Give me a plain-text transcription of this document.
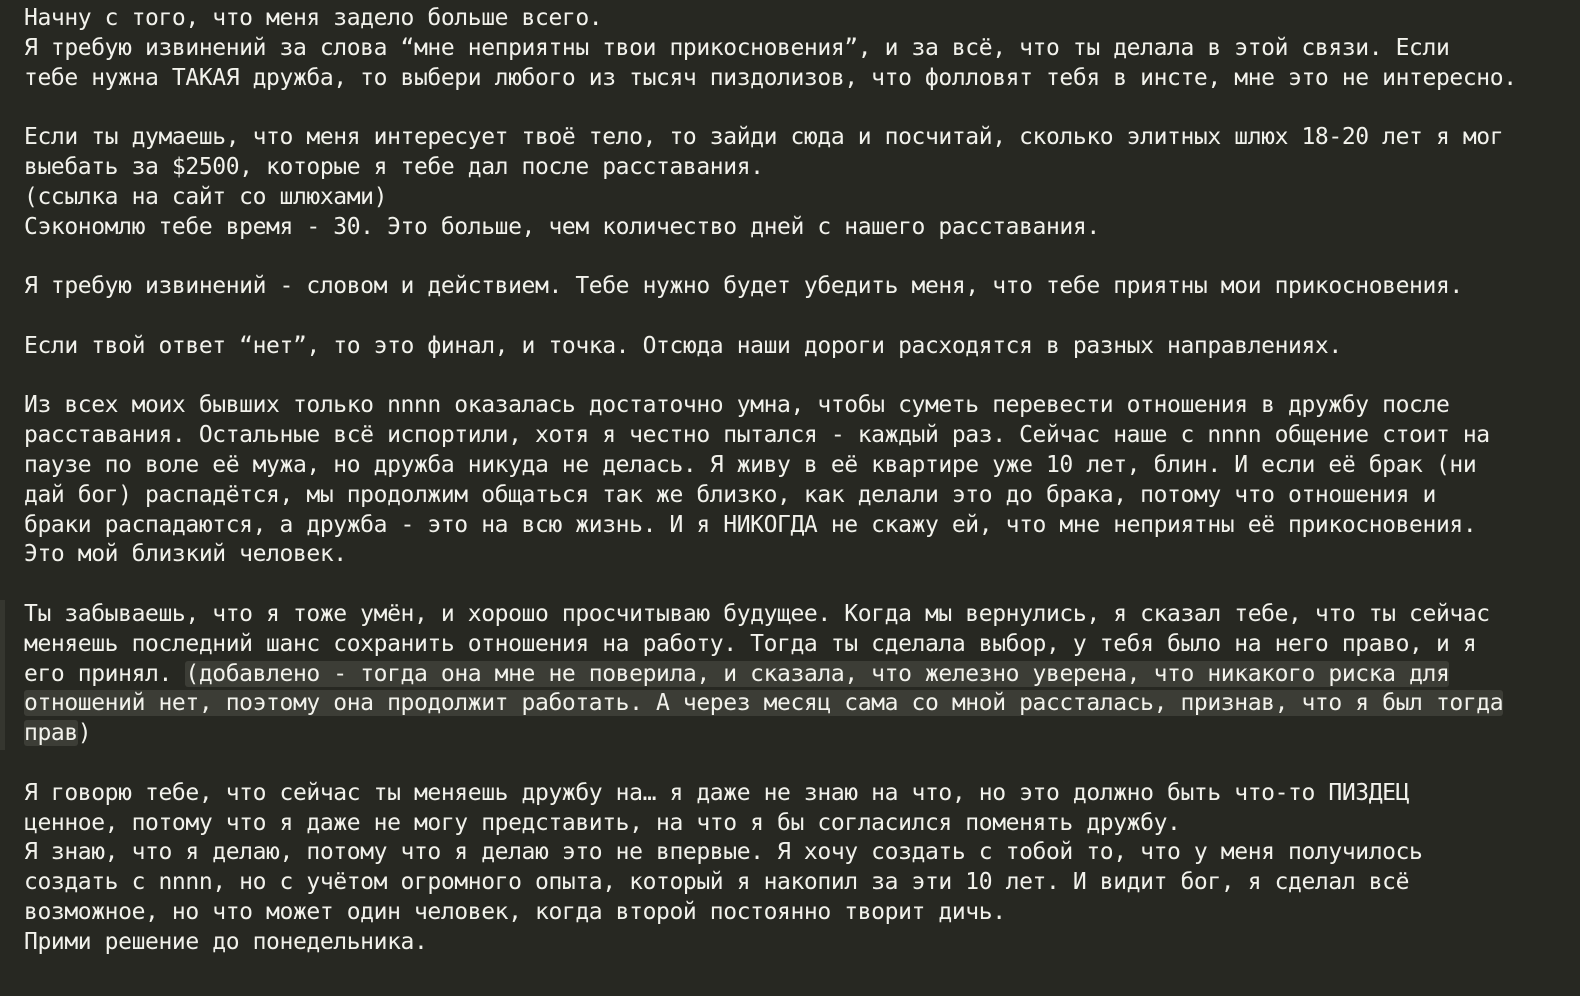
Начну с того, что меня задело больше всего.
Я требую извинений за слова “мне неприятны твои прикосновения”, и за всё, что ты делала в этой связи. Если
тебе нужна ТАКАЯ дружба, то выбери любого из тысяч пиздолизов, что фолловят тебя в инсте, мне это не интересно.
Если ты думаешь, что меня интересует твоё тело, то зайди сюда и посчитай, сколько элитных шлюх 18-20 лет я мог
выебать за $2500, которые я тебе дал после расставания.
(ссылка на сайт со шлюхами)
Сэкономлю тебе время - 30. Это больше, чем количество дней с нашего расставания.
Я требую извинений - словом и действием. Тебе нужно будет убедить меня, что тебе приятны мои прикосновения.
Если твой ответ “нет”, то это финал, и точка. Отсюда наши дороги расходятся в разных направлениях.
Из всех моих бывших только nnnn оказалась достаточно умна, чтобы суметь перевести отношения в дружбу после
расставания. Остальные всё испортили, хотя я честно пытался - каждый раз. Сейчас наше с nnnn общение стоит на
паузе по воле её мужа, но дружба никуда не делась. Я живу в её квартире уже 10 лет, блин. И если её брак (ни
дай бог) распадётся, мы продолжим общаться так же близко, как делали это до брака, потому что отношения и
браки распадаются, а дружба - это на всю жизнь. И я НИКОГДА не скажу ей, что мне неприятны её прикосновения.
Это мой близкий человек.
Ты забываешь, что я тоже умён, и хорошо просчитываю будущее. Когда мы вернулись, я сказал тебе, что ты сейчас
меняешь последний шанс сохранить отношения на работу. Тогда ты сделала выбор, у тебя было на него право, и я
его принял. (добавлено - тогда она мне не поверила, и сказала, что железно уверена, что никакого риска для
отношений нет, поэтому она продолжит работать. А через месяц сама со мной рассталась, признав, что я был тогда
прав)
Я говорю тебе, что сейчас ты меняешь дружбу на… я даже не знаю на что, но это должно быть что-то ПИЗДЕЦ
ценное, потому что я даже не могу представить, на что я бы согласился поменять дружбу.
Я знаю, что я делаю, потому что я делаю это не впервые. Я хочу создать с тобой то, что у меня получилось
создать с nnnn, но с учётом огромного опыта, который я накопил за эти 10 лет. И видит бог, я сделал всё
возможное, но что может один человек, когда второй постоянно творит дичь.
Прими решение до понедельника.
